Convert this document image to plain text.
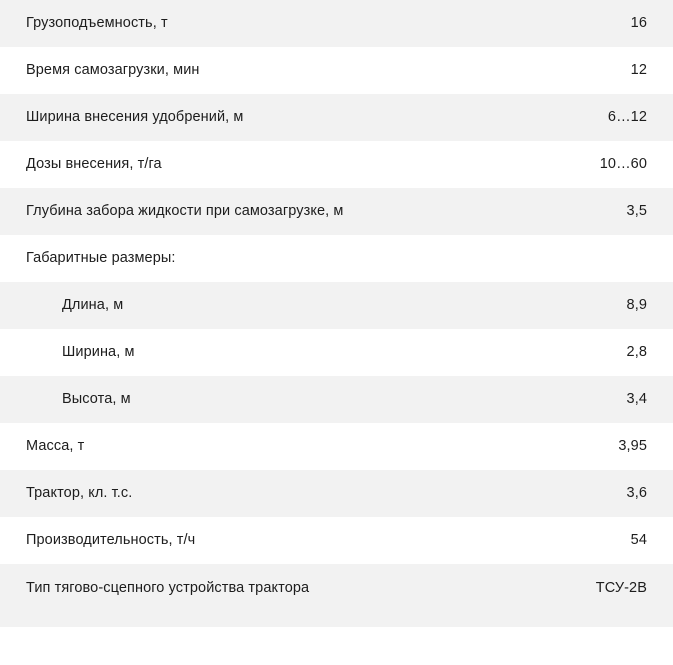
Грузоподъемность, т	16
Время самозагрузки, мин	12
Ширина внесения удобрений, м	6…12
Дозы внесения, т/га	10…60
Глубина забора жидкости при самозагрузке, м	3,5
Габаритные размеры:	
Длина, м	8,9
Ширина, м	2,8
Высота, м	3,4
Масса, т	3,95
Трактор, кл. т.с.	3,6
Производительность, т/ч	54
Тип тягово-сцепного устройства трактора	ТСУ-2В
